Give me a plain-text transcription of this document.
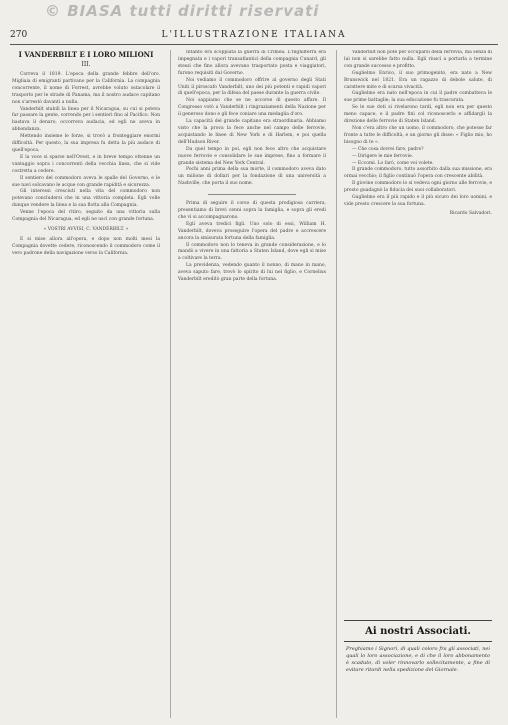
© BIASA tutti diritti riservati
270	L'ILLUSTRAZIONE ITALIANA
I VANDERBILT E I LORO MILIONI
III.

Correva il 1819. L'epoca della grande febbre dell'oro. Migliaia di emigranti partivano per la California. La compagnia concorrente, il nome di Forrest, avrebbe voluto ostacolare il trasporto per le strade di Panama, ma il nostro audace capitano non s'arrestò davanti a nulla.

Vanderbilt stabilì la linea per il Nicaragua, su cui si poteva far passare la gente, correndo per i sentieri fino al Pacifico. Non bastava il denaro, occorreva audacia, ed egli ne aveva in abbondanza.

Mettendo insieme le forze, si trovò a fronteggiare enormi difficoltà. Per questo, la sua impresa fu detta la più audace di quell'epoca.

E la voce si sparse nell'Ovest, e in breve tempo ottenne un vantaggio sopra i concorrenti della vecchia linea, che si vide costretta a cedere.

Il sentiero del commodoro aveva le spalle del Governo, e le sue navi solcavano le acque con grande rapidità e sicurezza.

Gli interessi cresciuti nella vita del commodoro non potevano concludersi che in una vittoria completa. Egli volle dunque vendere la linea e la sua flotta alla Compagnia.

Venne l'epoca del ritiro, seguito da una vittoria sulla Compagnia del Nicaragua, ed egli ne uscì con grande fortuna.

« VOSTRI AVVISI, C. VANDERBILT. »

E si mise allora all'opera, e dopo non molti mesi la Compagnia dovette cedere, riconoscendo il commodoro come il vero padrone della navigazione verso la California.

Intanto era scoppiata la guerra di Crimea. L'Inghilterra era impegnata e i vapori transatlantici della compagnia Cunard, gli stessi che fino allora avevano trasportato posta e viaggiatori, furono requisiti dal Governo.

Noi vediamo il commodoro offrire al governo degli Stati Uniti il piroscafo Vanderbilt, uno dei più potenti e rapidi vapori di quell'epoca, per la difesa del paese durante la guerra civile.

Noi sappiamo che se ne accorse di questo affare. Il Congresso votò a Vanderbilt i ringraziamenti della Nazione per il generoso dono e gli fece coniare una medaglia d'oro.

La capacità del grande capitano era straordinaria. Abbiamo visto che la prova la fece anche nel campo delle ferrovie, acquistando le linee di New York e di Harlem, e poi quella dell'Hudson River.

Da quel tempo in poi, egli non fece altro che acquistare nuove ferrovie e consolidare le sue imprese, fino a formare il grande sistema del New York Central.

Pochi anni prima della sua morte, il commodoro aveva dato un milione di dollari per la fondazione di una università a Nashville, che porta il suo nome.

Prima di seguire il corso di questa prodigiosa carriera, presentiamo di brevi cenni sopra la famiglia, e sopra gli eredi che vi si accompagnarono.

Egli aveva tredici figli. Uno solo di essi, William H. Vanderbilt, doveva proseguire l'opera del padre e accrescere ancora la smisurata fortuna della famiglia.

Il commodoro non lo teneva in grande considerazione, e lo mandò a vivere in una fattoria a Staten Island, dove egli si mise a coltivare la terra.

La previdenza, vedendo quanto il nonno, di mano in mano, aveva saputo fare, trovò lo spirito di lui nel figlio, e Cornelius Vanderbilt ereditò gran parte della fortuna.

Vanderbilt non poté per occuparsi della ferrovia, ma senza di lui non si sarebbe fatto nulla. Egli riuscì a portarla a termine con grande successo e profitto.

Guglielmo Enrico, il suo primogenito, era nato a New Brunswick nel 1821. Era un ragazzo di debole salute, di carattere mite e di scarsa vivacità.

Guglielmo era nato nell'epoca in cui il padre combatteva le sue prime battaglie; la sua educazione fu trascurata.

Se le sue doti si rivelarono tardi, egli non era per questo meno capace, e il padre finì col riconoscerlo e affidargli la direzione delle ferrovie di Staten Island.

Non c'era altro che un uomo, il commodoro, che potesse far fronte a tutte le difficoltà, e un giorno gli disse: « Figlio mio, ho bisogno di te ».

— Che cosa dovrei fare, padre?

— Dirigere le mie ferrovie.

— Eccomi. Lo farò, come voi volete.

Il grande commodoro, tutto assorbito dalla sua missione, era ormai vecchio; il figlio continuò l'opera con crescente abilità.

Il giovine commodoro lo si vedeva ogni giorno alle ferrovie, e presto guadagnò la fiducia dei suoi collaboratori.

Guglielmo era il più rapido e il più sicuro dei loro uomini, e vide presto crescere la sua fortuna.

Ricardo Salvadori.
Ai nostri Associati.
Preghiamo i Signori, di quali coloro fra gli associati, nei quali lo loro associazione, e di che il loro abbonamento è scaduto, di voler rinnovarlo sollecitamente, a fine di evitare ritardi nella spedizione del Giornale.
